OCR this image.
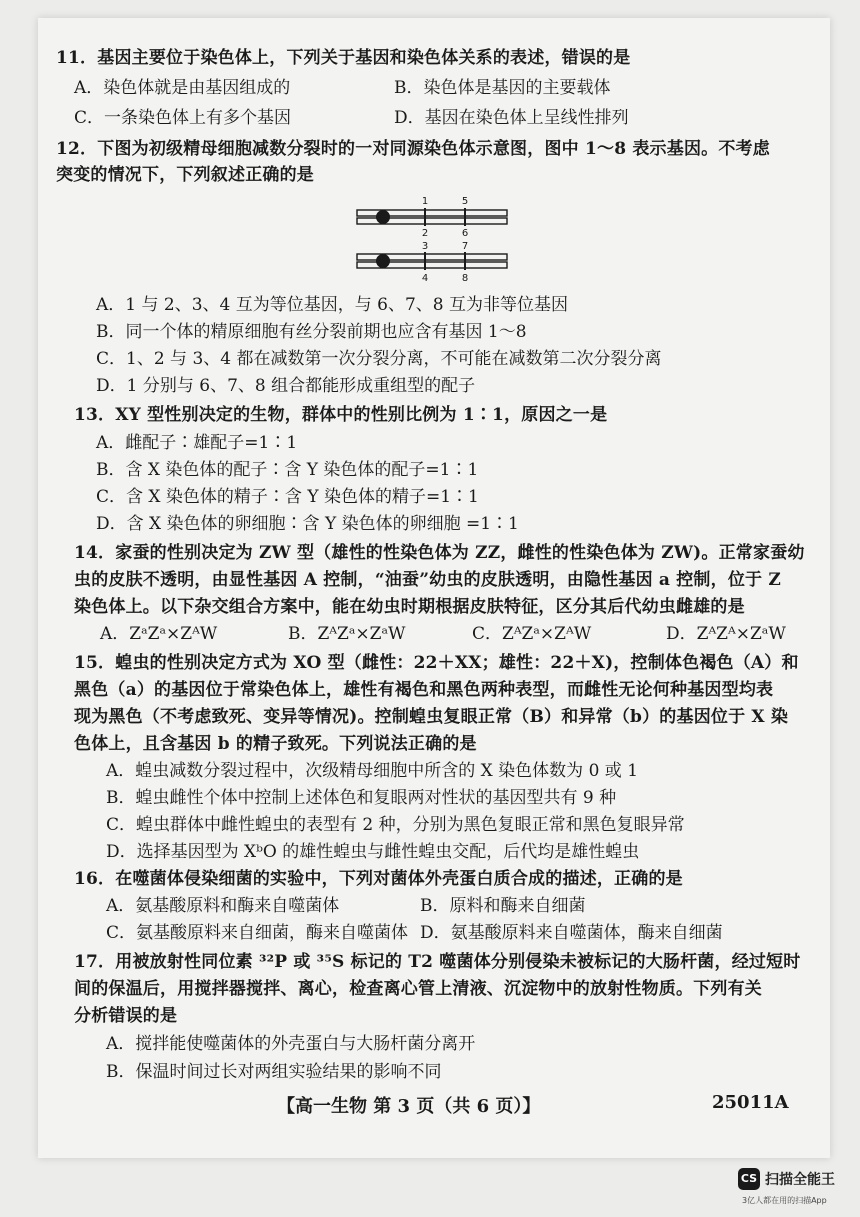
11．基因主要位于染色体上，下列关于基因和染色体关系的表述，错误的是
A．染色体就是由基因组成的	B．染色体是基因的主要载体
C．一条染色体上有多个基因	D．基因在染色体上呈线性排列
12．下图为初级精母细胞减数分裂时的一对同源染色体示意图，图中 1～8 表示基因。不考虑
突变的情况下，下列叙述正确的是
1	5
2	6
3	7
4	8
A．1 与 2、3、4 互为等位基因，与 6、7、8 互为非等位基因
B．同一个体的精原细胞有丝分裂前期也应含有基因 1～8
C．1、2 与 3、4 都在减数第一次分裂分离，不可能在减数第二次分裂分离
D．1 分别与 6、7、8 组合都能形成重组型的配子
13．XY 型性别决定的生物，群体中的性别比例为 1∶1，原因之一是
A．雌配子∶雄配子=1∶1
B．含 X 染色体的配子∶含 Y 染色体的配子=1∶1
C．含 X 染色体的精子∶含 Y 染色体的精子=1∶1
D．含 X 染色体的卵细胞∶含 Y 染色体的卵细胞 =1∶1
14．家蚕的性别决定为 ZW 型（雄性的性染色体为 ZZ，雌性的性染色体为 ZW)。正常家蚕幼
虫的皮肤不透明，由显性基因 A 控制，“油蚕”幼虫的皮肤透明，由隐性基因 a 控制，位于 Z
染色体上。以下杂交组合方案中，能在幼虫时期根据皮肤特征，区分其后代幼虫雌雄的是
A．ZᵃZᵃ×ZᴬW	B．ZᴬZᵃ×ZᵃW	C．ZᴬZᵃ×ZᴬW	D．ZᴬZᴬ×ZᵃW
15．蝗虫的性别决定方式为 XO 型（雌性：22＋XX；雄性：22＋X)，控制体色褐色（A）和
黑色（a）的基因位于常染色体上，雄性有褐色和黑色两种表型，而雌性无论何种基因型均表
现为黑色（不考虑致死、变异等情况)。控制蝗虫复眼正常（B）和异常（b）的基因位于 X 染
色体上，且含基因 b 的精子致死。下列说法正确的是
A．蝗虫减数分裂过程中，次级精母细胞中所含的 X 染色体数为 0 或 1
B．蝗虫雌性个体中控制上述体色和复眼两对性状的基因型共有 9 种
C．蝗虫群体中雌性蝗虫的表型有 2 种，分别为黑色复眼正常和黑色复眼异常
D．选择基因型为 XᵇO 的雄性蝗虫与雌性蝗虫交配，后代均是雄性蝗虫
16．在噬菌体侵染细菌的实验中，下列对菌体外壳蛋白质合成的描述，正确的是
A．氨基酸原料和酶来自噬菌体	B．原料和酶来自细菌
C．氨基酸原料来自细菌，酶来自噬菌体 D．氨基酸原料来自噬菌体，酶来自细菌
17．用被放射性同位素 ³²P 或 ³⁵S 标记的 T2 噬菌体分别侵染未被标记的大肠杆菌，经过短时
间的保温后，用搅拌器搅拌、离心，检查离心管上清液、沉淀物中的放射性物质。下列有关
分析错误的是
A．搅拌能使噬菌体的外壳蛋白与大肠杆菌分离开
B．保温时间过长对两组实验结果的影响不同
【高一生物 第 3 页（共 6 页）】	25011A
CS 扫描全能王
3亿人都在用的扫描App
